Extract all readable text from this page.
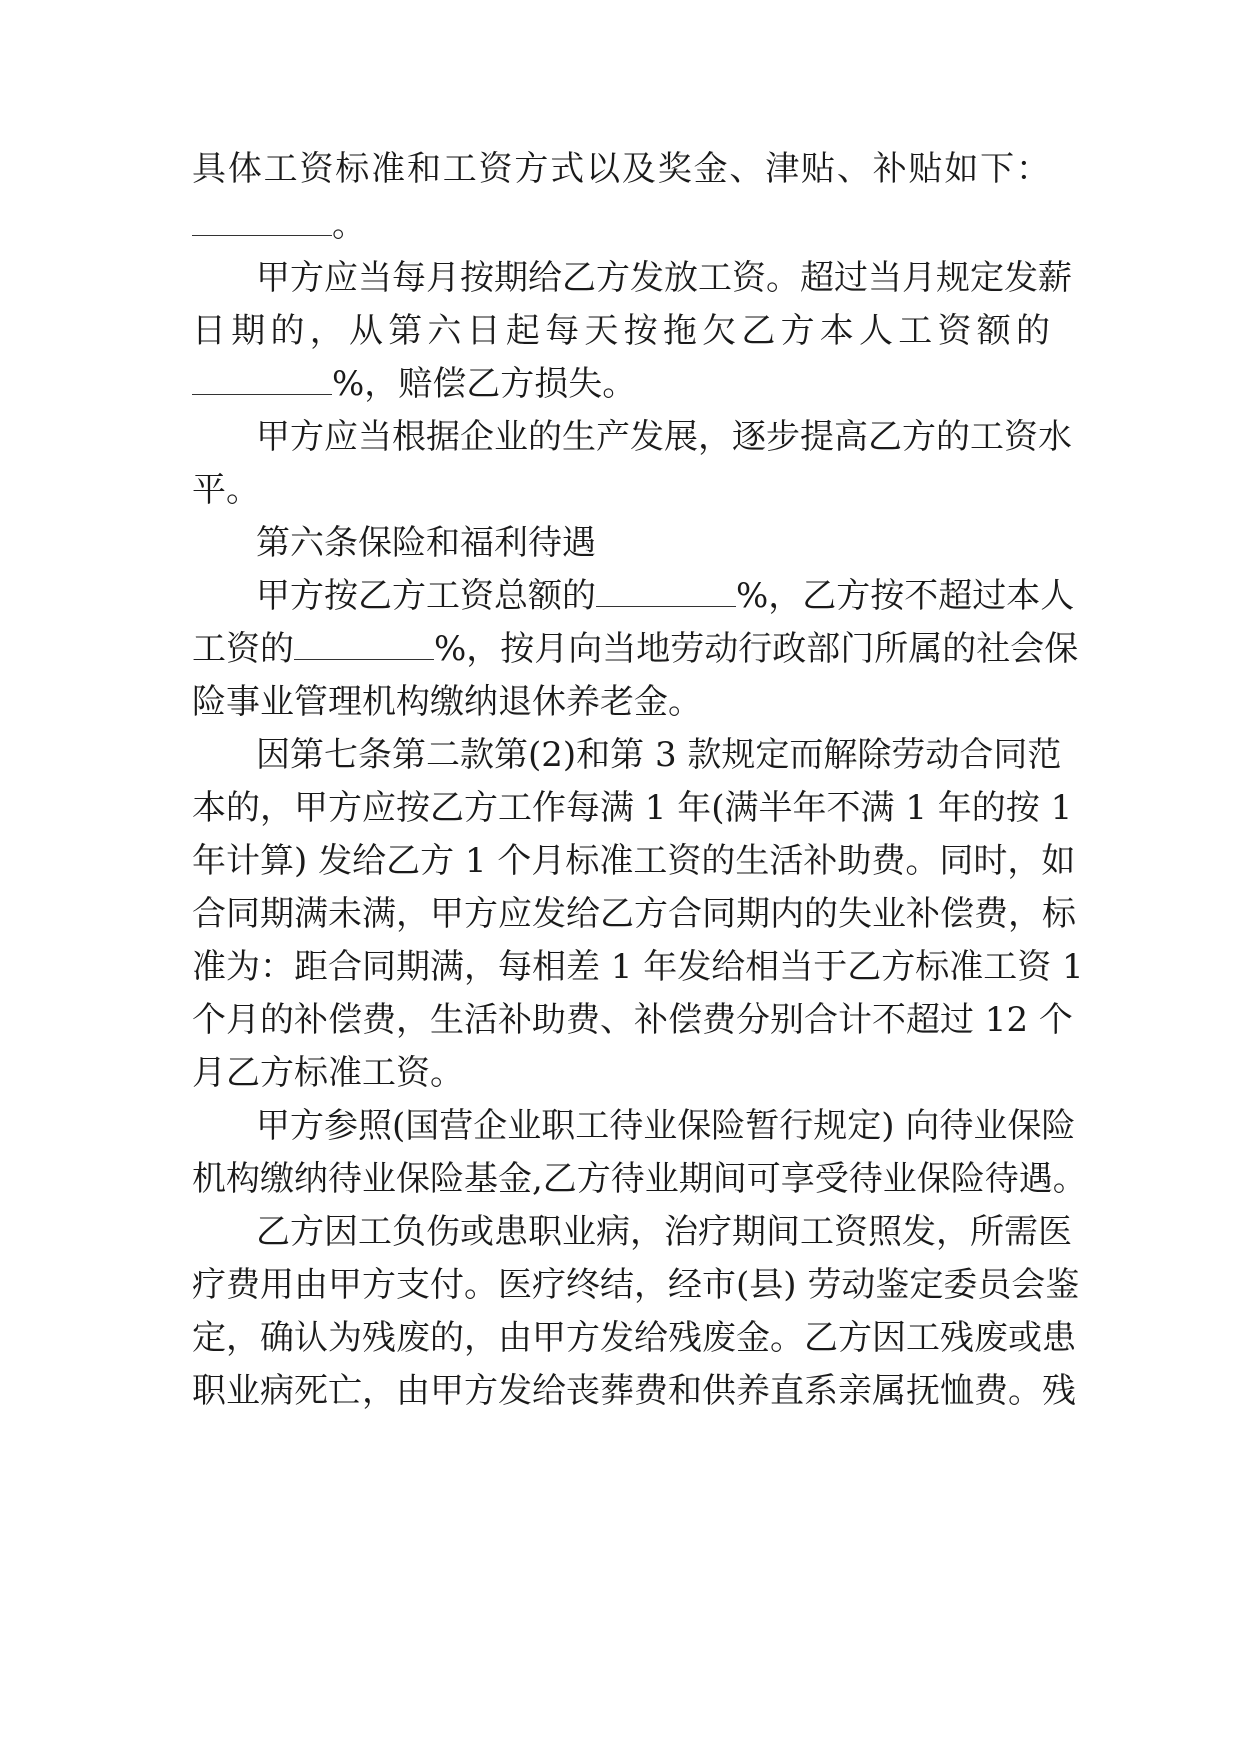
具体工资标准和工资方式以及奖金、津贴、补贴如下：
。
甲方应当每月按期给乙方发放工资。超过当月规定发薪
日期的，从第六日起每天按拖欠乙方本人工资额的
%，赔偿乙方损失。
甲方应当根据企业的生产发展，逐步提高乙方的工资水
平。
第六条保险和福利待遇
甲方按乙方工资总额的	%，乙方按不超过本人
工资的	%，按月向当地劳动行政部门所属的社会保
险事业管理机构缴纳退休养老金。
因第七条第二款第(2)和第 3 款规定而解除劳动合同范
本的，甲方应按乙方工作每满 1 年(满半年不满 1 年的按 1
年计算) 发给乙方 1 个月标准工资的生活补助费。同时，如
合同期满未满，甲方应发给乙方合同期内的失业补偿费，标
准为：距合同期满，每相差 1 年发给相当于乙方标准工资 1
个月的补偿费，生活补助费、补偿费分别合计不超过 12 个
月乙方标准工资。
甲方参照(国营企业职工待业保险暂行规定) 向待业保险
机构缴纳待业保险基金,乙方待业期间可享受待业保险待遇。
乙方因工负伤或患职业病，治疗期间工资照发，所需医
疗费用由甲方支付。医疗终结，经市(县) 劳动鉴定委员会鉴
定，确认为残废的，由甲方发给残废金。乙方因工残废或患
职业病死亡，由甲方发给丧葬费和供养直系亲属抚恤费。残
